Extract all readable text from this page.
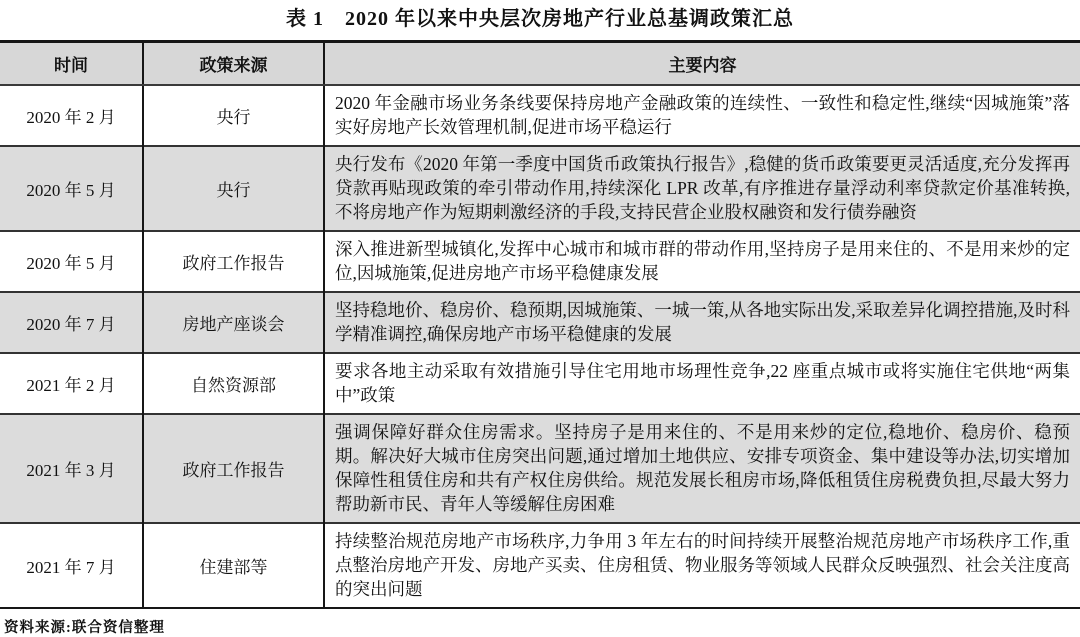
表 1　2020 年以来中央层次房地产行业总基调政策汇总
时间	政策来源	主要内容
2020 年 2 月	央行	2020 年金融市场业务条线要保持房地产金融政策的连续性、一致性和稳定性,继续“因城施策”落实好房地产长效管理机制,促进市场平稳运行
2020 年 5 月	央行	央行发布《2020 年第一季度中国货币政策执行报告》,稳健的货币政策要更灵活适度,充分发挥再贷款再贴现政策的牵引带动作用,持续深化 LPR 改革,有序推进存量浮动利率贷款定价基准转换,不将房地产作为短期刺激经济的手段,支持民营企业股权融资和发行债券融资
2020 年 5 月	政府工作报告	深入推进新型城镇化,发挥中心城市和城市群的带动作用,坚持房子是用来住的、不是用来炒的定位,因城施策,促进房地产市场平稳健康发展
2020 年 7 月	房地产座谈会	坚持稳地价、稳房价、稳预期,因城施策、一城一策,从各地实际出发,采取差异化调控措施,及时科学精准调控,确保房地产市场平稳健康的发展
2021 年 2 月	自然资源部	要求各地主动采取有效措施引导住宅用地市场理性竞争,22 座重点城市或将实施住宅供地“两集中”政策
2021 年 3 月	政府工作报告	强调保障好群众住房需求。坚持房子是用来住的、不是用来炒的定位,稳地价、稳房价、稳预期。解决好大城市住房突出问题,通过增加土地供应、安排专项资金、集中建设等办法,切实增加保障性租赁住房和共有产权住房供给。规范发展长租房市场,降低租赁住房税费负担,尽最大努力帮助新市民、青年人等缓解住房困难
2021 年 7 月	住建部等	持续整治规范房地产市场秩序,力争用 3 年左右的时间持续开展整治规范房地产市场秩序工作,重点整治房地产开发、房地产买卖、住房租赁、物业服务等领域人民群众反映强烈、社会关注度高的突出问题
资料来源:联合资信整理
